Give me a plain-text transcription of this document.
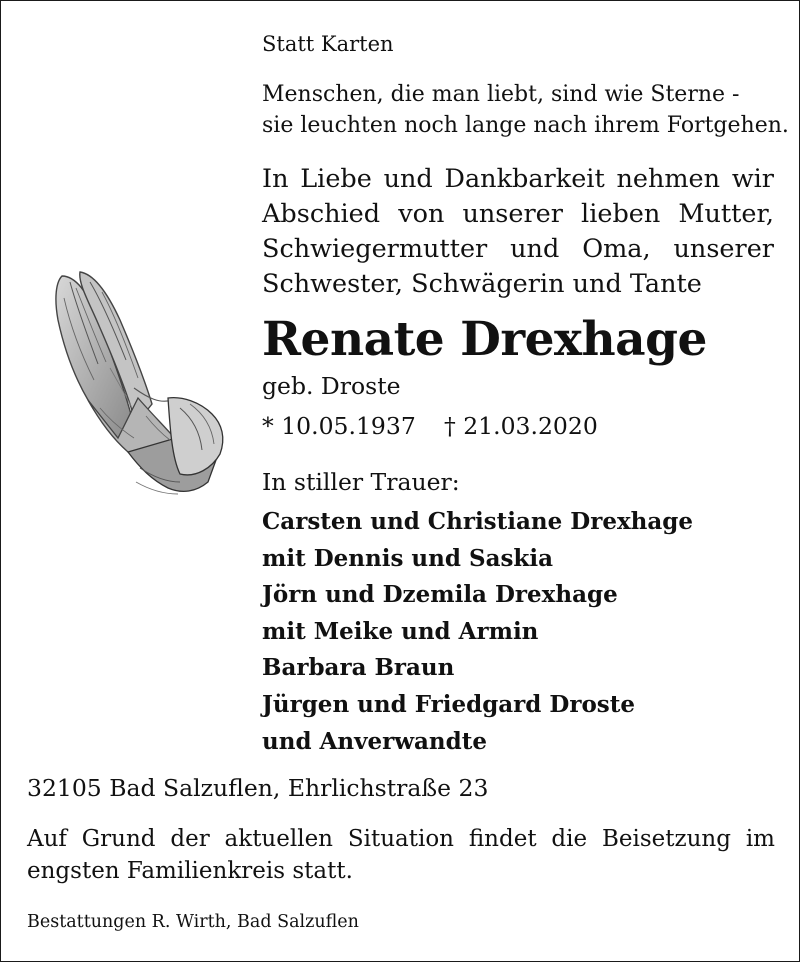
Statt Karten
Menschen, die man liebt, sind wie Sterne -
sie leuchten noch lange nach ihrem Fortgehen.
In Liebe und Dankbarkeit nehmen wir
Abschied von unserer lieben Mutter,
Schwiegermutter und Oma, unserer
Schwester, Schwägerin und Tante
Renate Drexhage
geb. Droste
* 10.05.1937 † 21.03.2020
In stiller Trauer:
Carsten und Christiane Drexhage
mit Dennis und Saskia
Jörn und Dzemila Drexhage
mit Meike und Armin
Barbara Braun
Jürgen und Friedgard Droste
und Anverwandte
32105 Bad Salzuflen, Ehrlichstraße 23
Auf Grund der aktuellen Situation findet die Beisetzung im engsten Familienkreis statt.
Bestattungen R. Wirth, Bad Salzuflen
